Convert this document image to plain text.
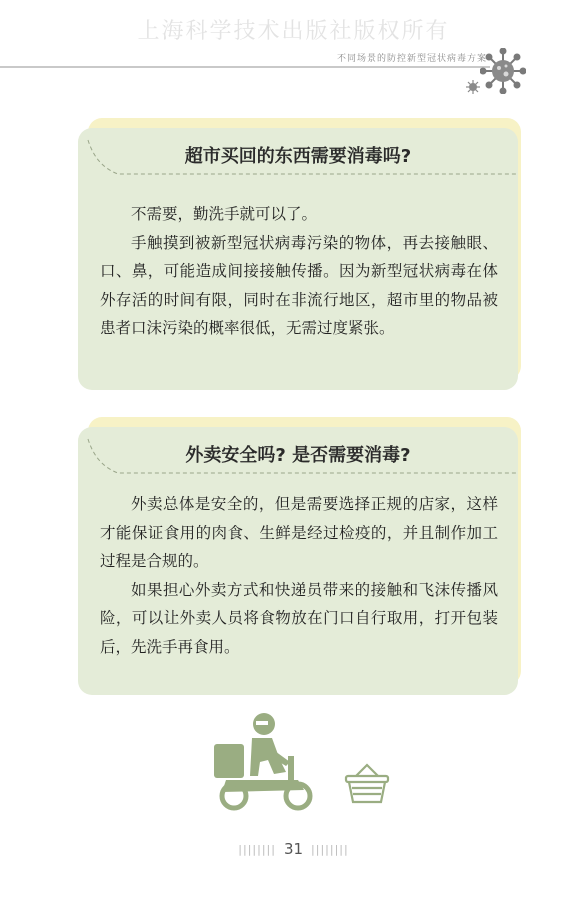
上海科学技术出版社版权所有
不同场景的防控新型冠状病毒方案
超市买回的东西需要消毒吗?

不需要，勤洗手就可以了。

手触摸到被新型冠状病毒污染的物体，再去接触眼、口、鼻，可能造成间接接触传播。因为新型冠状病毒在体外存活的时间有限，同时在非流行地区，超市里的物品被患者口沫污染的概率很低，无需过度紧张。

外卖安全吗? 是否需要消毒?

外卖总体是安全的，但是需要选择正规的店家，这样才能保证食用的肉食、生鲜是经过检疫的，并且制作加工过程是合规的。

如果担心外卖方式和快递员带来的接触和飞沫传播风险，可以让外卖人员将食物放在门口自行取用，打开包装后，先洗手再食用。

|||||||| 31 ||||||||
